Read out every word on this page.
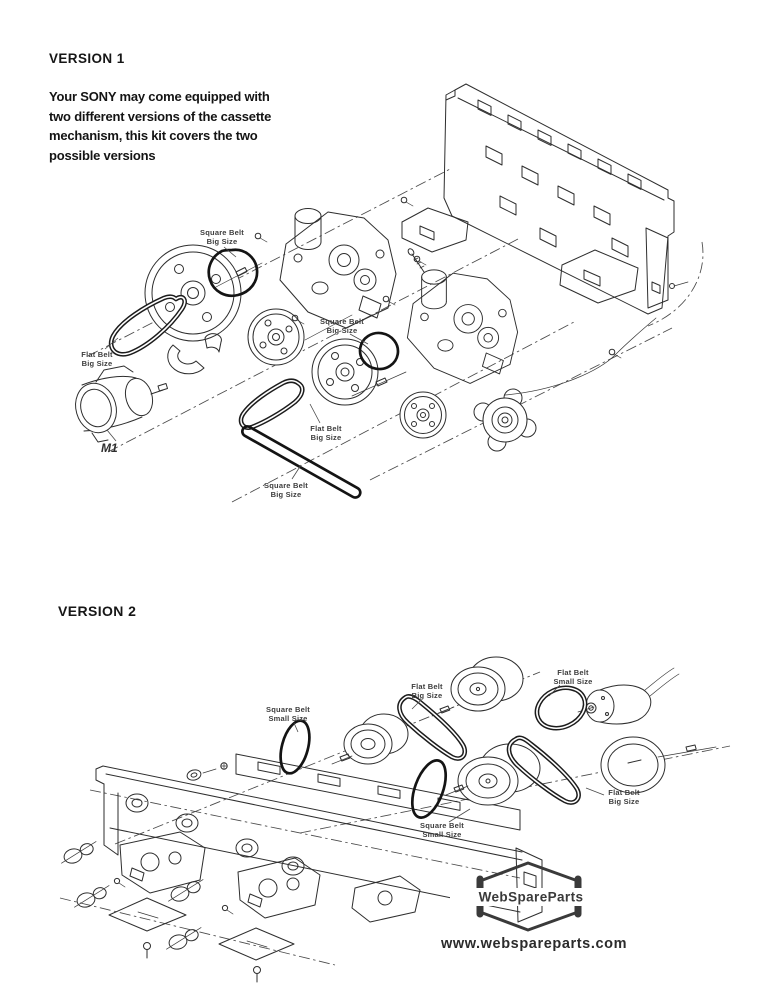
VERSION 1
Your SONY may come equipped with
two different versions of the cassette
mechanism, this kit covers the two
possible versions
Square Belt
Big Size
Flat Belt
Big Size
Square Belt
Big Size
Flat Belt
Big Size
Square Belt
Big Size
M1
VERSION 2
Square Belt
Small Size
Flat Belt
Big Size
Flat Belt
Small Size
Flat Belt
Big Size
Square Belt
Small Size
WebSpareParts
www.webspareparts.com
